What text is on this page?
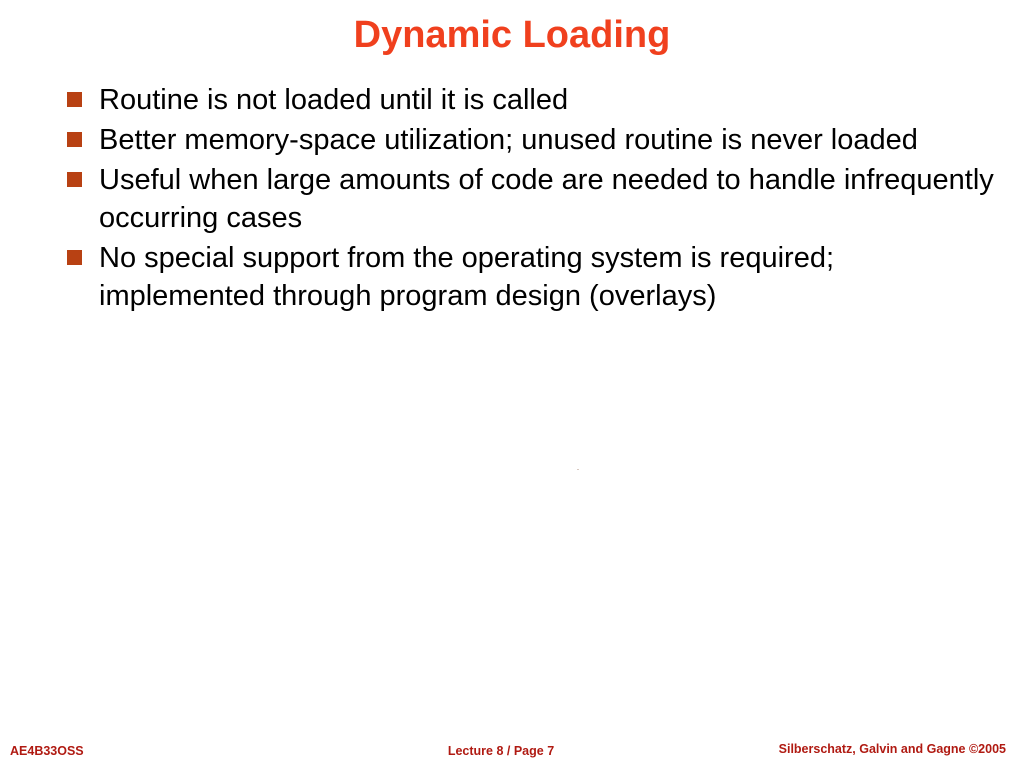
Dynamic Loading
Routine is not loaded until it is called
Better memory-space utilization; unused routine is never loaded
Useful when large amounts of code are needed to handle infrequently occurring cases
No special support from the operating system is required; implemented through program design (overlays)
AE4B33OSS	Lecture 8 / Page 7	Silberschatz, Galvin and Gagne ©2005
